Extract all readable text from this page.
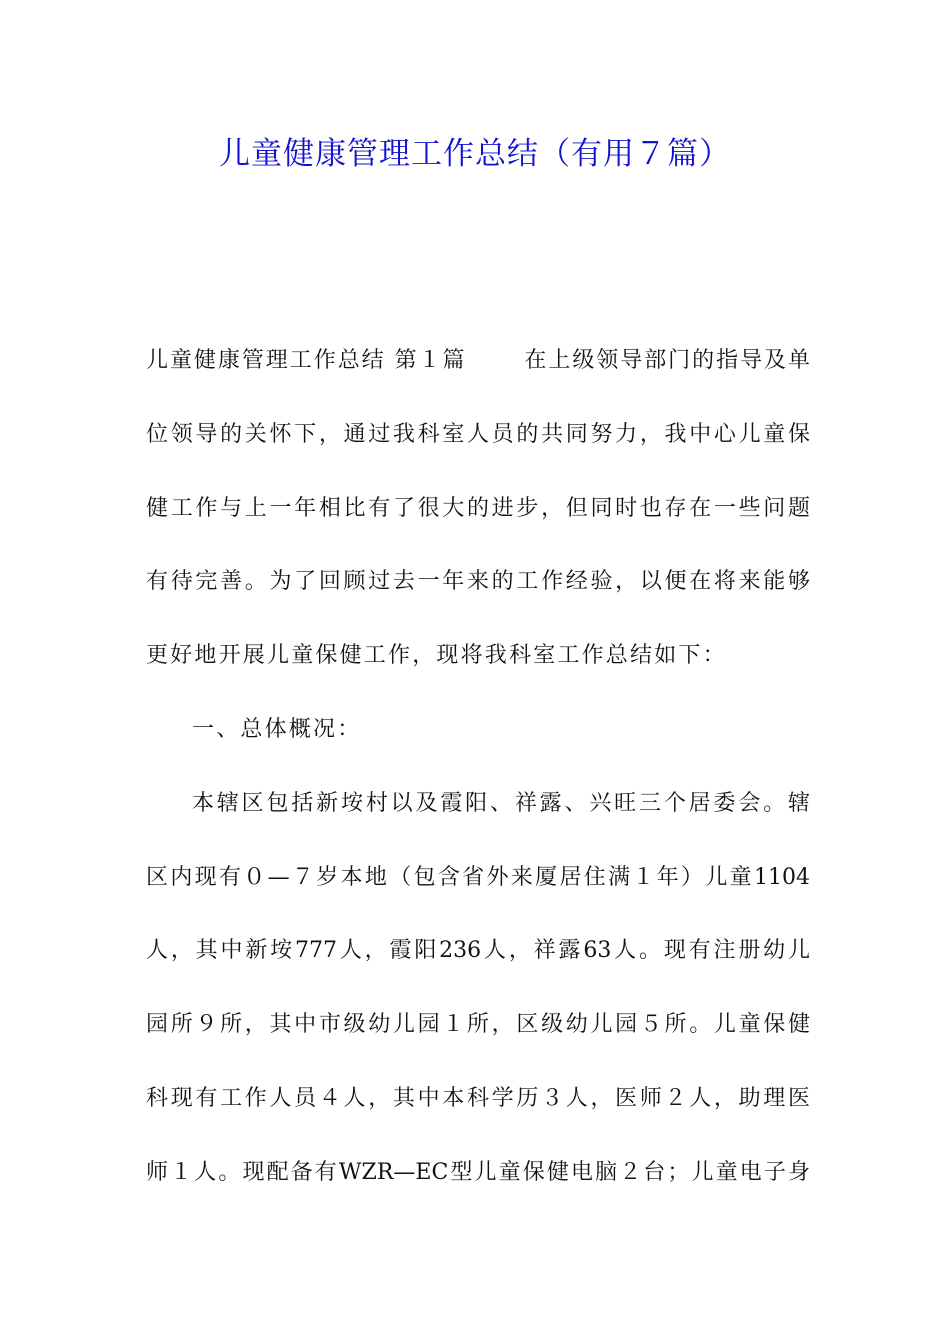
儿童健康管理工作总结（有用７篇）
儿童健康管理工作总结 第１篇	在上级领导部门的指导及单
位领导的关怀下，通过我科室人员的共同努力，我中心儿童保
健工作与上一年相比有了很大的进步，但同时也存在一些问题
有待完善。为了回顾过去一年来的工作经验，以便在将来能够
更好地开展儿童保健工作，现将我科室工作总结如下：
一、总体概况：
本辖区包括新垵村以及霞阳、祥露、兴旺三个居委会。辖
区内现有０—７岁本地（包含省外来厦居住满１年）儿童1104
人，其中新垵777人，霞阳236人，祥露63人。现有注册幼儿
园所９所，其中市级幼儿园１所，区级幼儿园５所。儿童保健
科现有工作人员４人，其中本科学历３人，医师２人，助理医
师１人。现配备有WZR—EC型儿童保健电脑２台；儿童电子身
